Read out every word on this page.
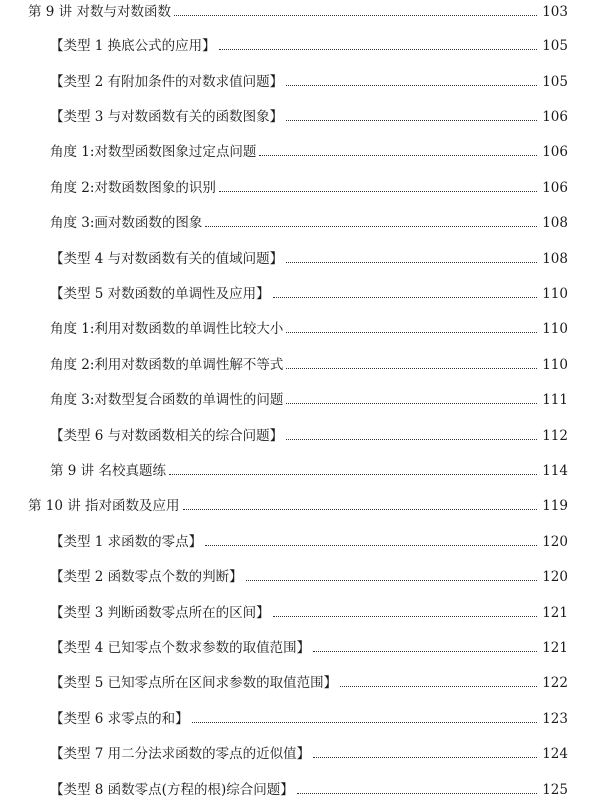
第 9 讲 对数与对数函数	103
【类型 1 换底公式的应用】	105
【类型 2 有附加条件的对数求值问题】	105
【类型 3 与对数函数有关的函数图象】	106
角度 1:对数型函数图象过定点问题	106
角度 2:对数函数图象的识别	106
角度 3:画对数函数的图象	108
【类型 4 与对数函数有关的值域问题】	108
【类型 5 对数函数的单调性及应用】	110
角度 1:利用对数函数的单调性比较大小	110
角度 2:利用对数函数的单调性解不等式	110
角度 3:对数型复合函数的单调性的问题	111
【类型 6 与对数函数相关的综合问题】	112
第 9 讲 名校真题练	114
第 10 讲 指对函数及应用	119
【类型 1 求函数的零点】	120
【类型 2 函数零点个数的判断】	120
【类型 3 判断函数零点所在的区间】	121
【类型 4 已知零点个数求参数的取值范围】	121
【类型 5 已知零点所在区间求参数的取值范围】	122
【类型 6 求零点的和】	123
【类型 7 用二分法求函数的零点的近似值】	124
【类型 8 函数零点(方程的根)综合问题】	125
